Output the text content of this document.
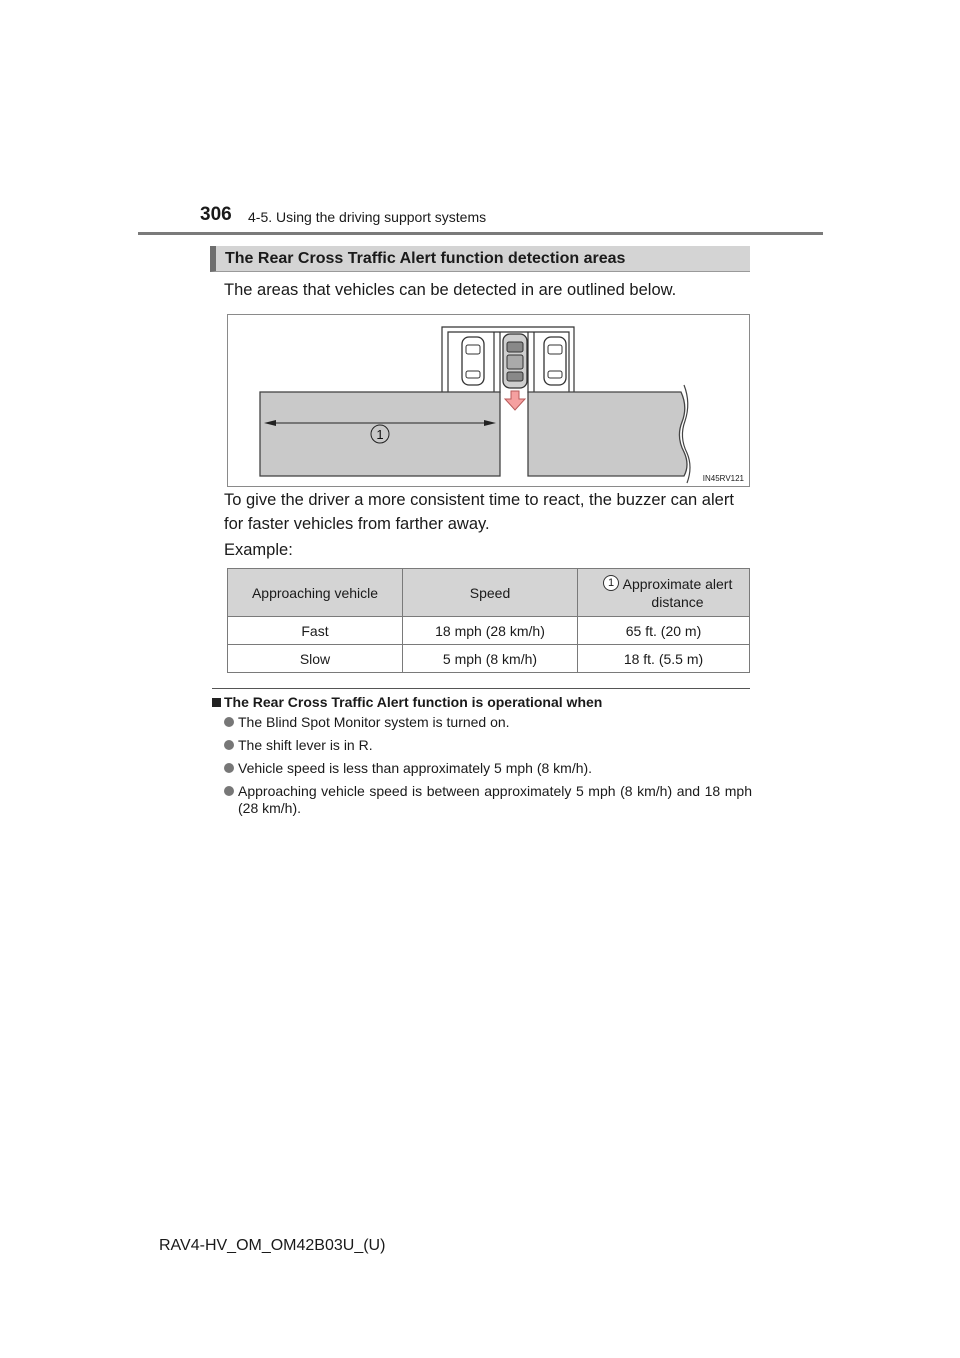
306 4-5. Using the driving support systems
The Rear Cross Traffic Alert function detection areas
The areas that vehicles can be detected in are outlined below.
1
IN45RV121
To give the driver a more consistent time to react, the buzzer can alert for faster vehicles from farther away.
Example:
Approaching vehicle	Speed	1 Approximate alert distance
Fast	18 mph (28 km/h)	65 ft. (20 m)
Slow	5 mph (8 km/h)	18 ft. (5.5 m)
The Rear Cross Traffic Alert function is operational when
The Blind Spot Monitor system is turned on.
The shift lever is in R.
Vehicle speed is less than approximately 5 mph (8 km/h).
Approaching vehicle speed is between approximately 5 mph (8 km/h) and 18 mph (28 km/h).
RAV4-HV_OM_OM42B03U_(U)
